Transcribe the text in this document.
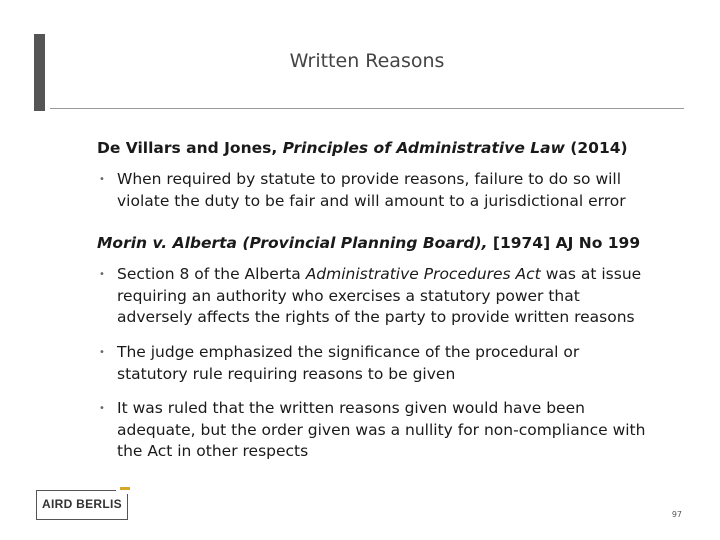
Written Reasons

De Villars and Jones, Principles of Administrative Law (2014)

• When required by statute to provide reasons, failure to do so will violate the duty to be fair and will amount to a jurisdictional error

Morin v. Alberta (Provincial Planning Board), [1974] AJ No 199

• Section 8 of the Alberta Administrative Procedures Act was at issue requiring an authority who exercises a statutory power that adversely affects the rights of the party to provide written reasons
• The judge emphasized the significance of the procedural or statutory rule requiring reasons to be given
• It was ruled that the written reasons given would have been adequate, but the order given was a nullity for non-compliance with the Act in other respects
AIRD BERLIS
97
